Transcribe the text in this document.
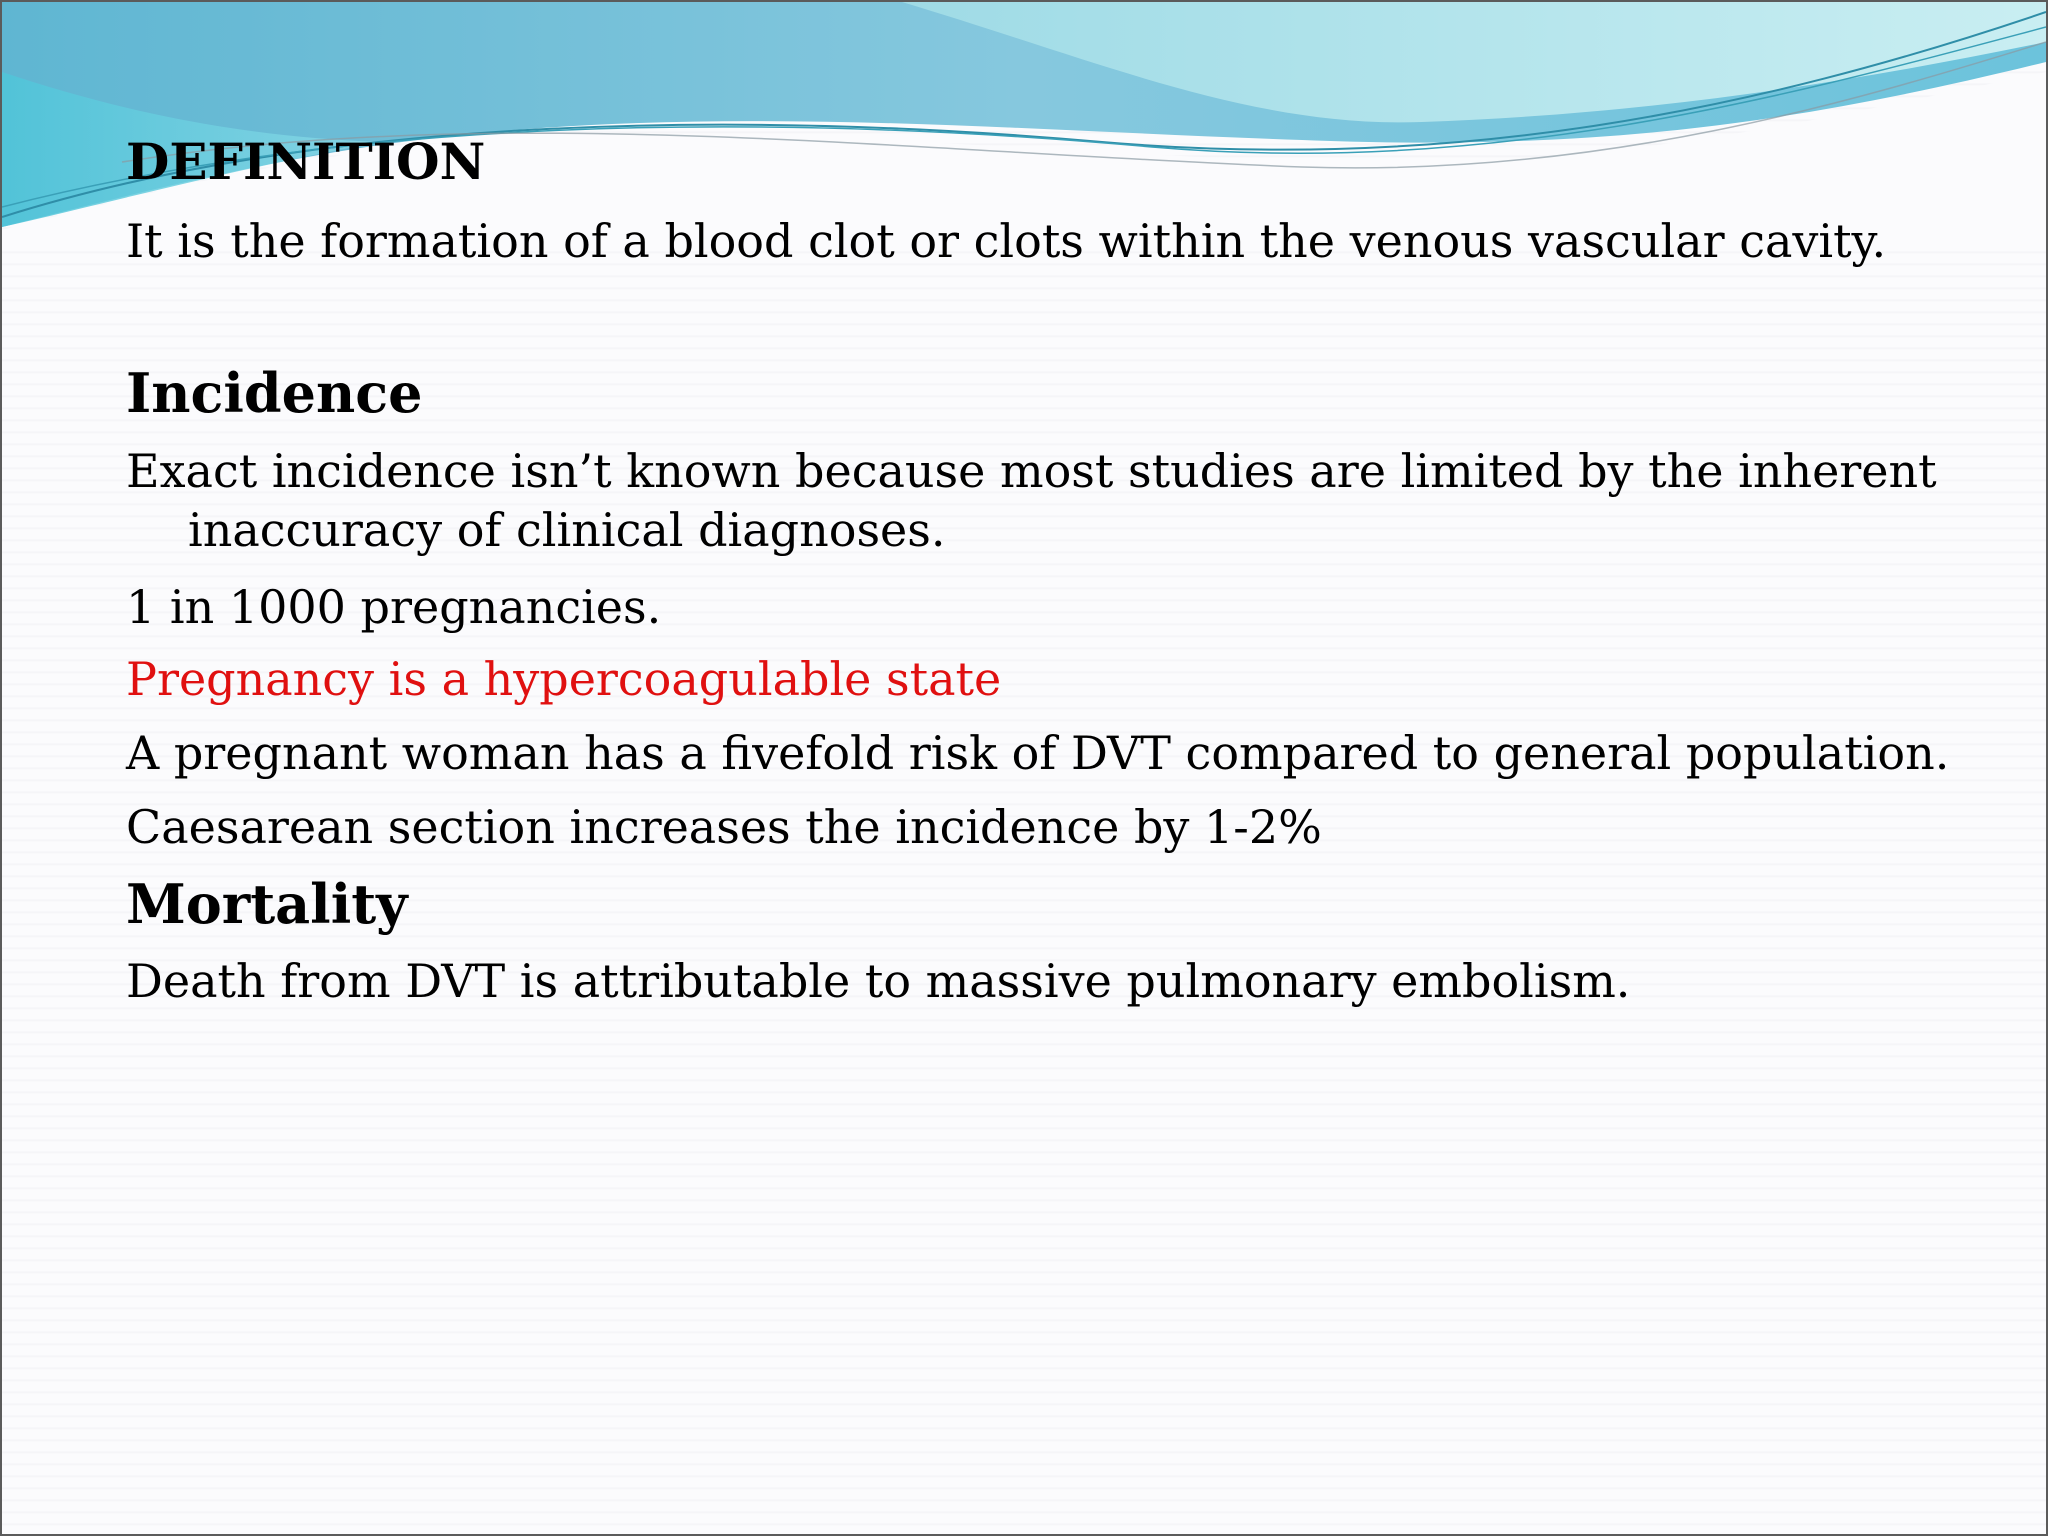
DEFINITION
It is the formation of a blood clot or clots within the venous vascular cavity.
Incidence
Exact incidence isn’t known because most studies are limited by the inherent inaccuracy of clinical diagnoses.
1 in 1000 pregnancies.
Pregnancy is a hypercoagulable state
A pregnant woman has a fivefold risk of DVT compared to general population.
Caesarean section increases the incidence by 1-2%
Mortality
Death from DVT is attributable to massive pulmonary embolism.
